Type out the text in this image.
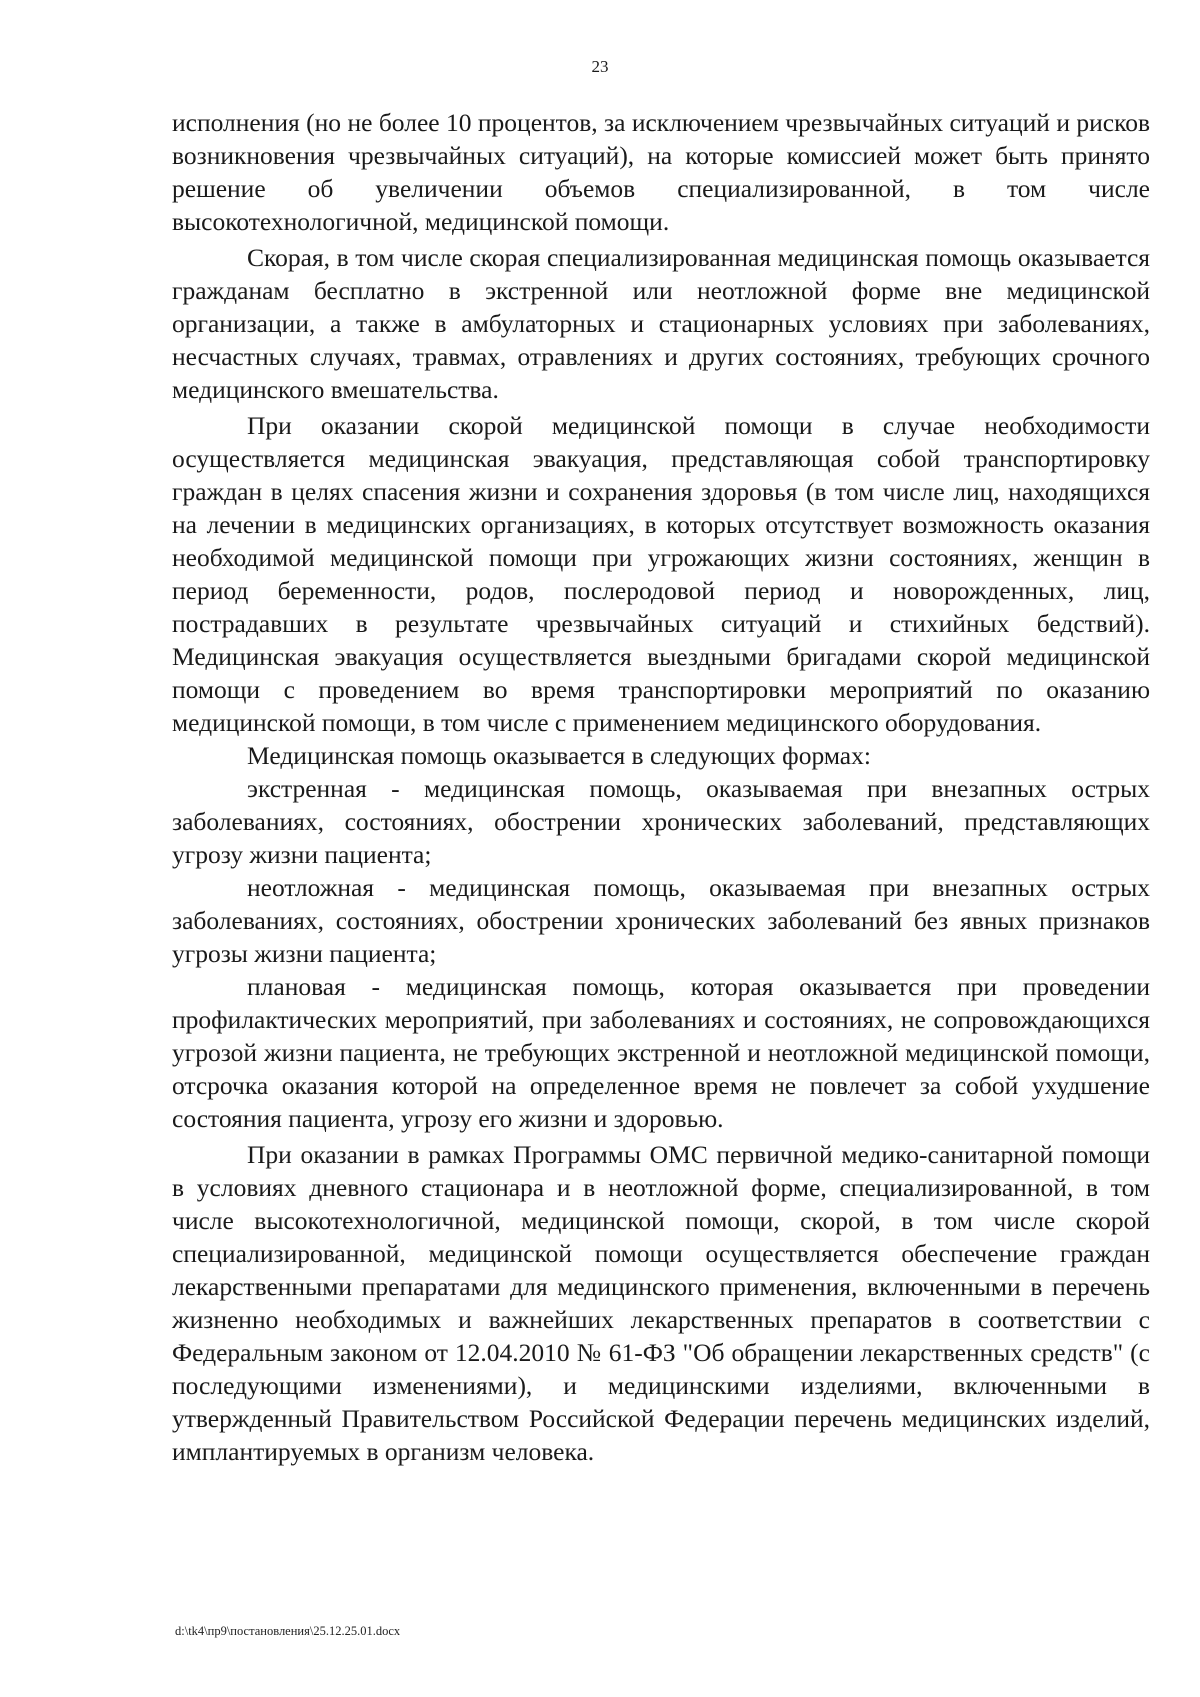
23

исполнения (но не более 10 процентов, за исключением чрезвычайных ситуаций и рисков возникновения чрезвычайных ситуаций), на которые комиссией может быть принято решение об увеличении объемов специализированной, в том числе высокотехнологичной, медицинской помощи.

Скорая, в том числе скорая специализированная медицинская помощь оказывается гражданам бесплатно в экстренной или неотложной форме вне медицинской организации, а также в амбулаторных и стационарных условиях при заболеваниях, несчастных случаях, травмах, отравлениях и других состояниях, требующих срочного медицинского вмешательства.

При оказании скорой медицинской помощи в случае необходимости осуществляется медицинская эвакуация, представляющая собой транспортировку граждан в целях спасения жизни и сохранения здоровья (в том числе лиц, находящихся на лечении в медицинских организациях, в которых отсутствует возможность оказания необходимой медицинской помощи при угрожающих жизни состояниях, женщин в период беременности, родов, послеродовой период и новорожденных, лиц, пострадавших в результате чрезвычайных ситуаций и стихийных бедствий). Медицинская эвакуация осуществляется выездными бригадами скорой медицинской помощи с проведением во время транспортировки мероприятий по оказанию медицинской помощи, в том числе с применением медицинского оборудования.

Медицинская помощь оказывается в следующих формах:

экстренная - медицинская помощь, оказываемая при внезапных острых заболеваниях, состояниях, обострении хронических заболеваний, представляющих угрозу жизни пациента;

неотложная - медицинская помощь, оказываемая при внезапных острых заболеваниях, состояниях, обострении хронических заболеваний без явных признаков угрозы жизни пациента;

плановая - медицинская помощь, которая оказывается при проведении профилактических мероприятий, при заболеваниях и состояниях, не сопровождающихся угрозой жизни пациента, не требующих экстренной и неотложной медицинской помощи, отсрочка оказания которой на определенное время не повлечет за собой ухудшение состояния пациента, угрозу его жизни и здоровью.

При оказании в рамках Программы ОМС первичной медико-санитарной помощи в условиях дневного стационара и в неотложной форме, специализированной, в том числе высокотехнологичной, медицинской помощи, скорой, в том числе скорой специализированной, медицинской помощи осуществляется обеспечение граждан лекарственными препаратами для медицинского применения, включенными в перечень жизненно необходимых и важнейших лекарственных препаратов в соответствии с Федеральным законом от 12.04.2010 № 61-ФЗ "Об обращении лекарственных средств" (с последующими изменениями), и медицинскими изделиями, включенными в утвержденный Правительством Российской Федерации перечень медицинских изделий, имплантируемых в организм человека.

d:\tk4\пр9\постановления\25.12.25.01.docx
